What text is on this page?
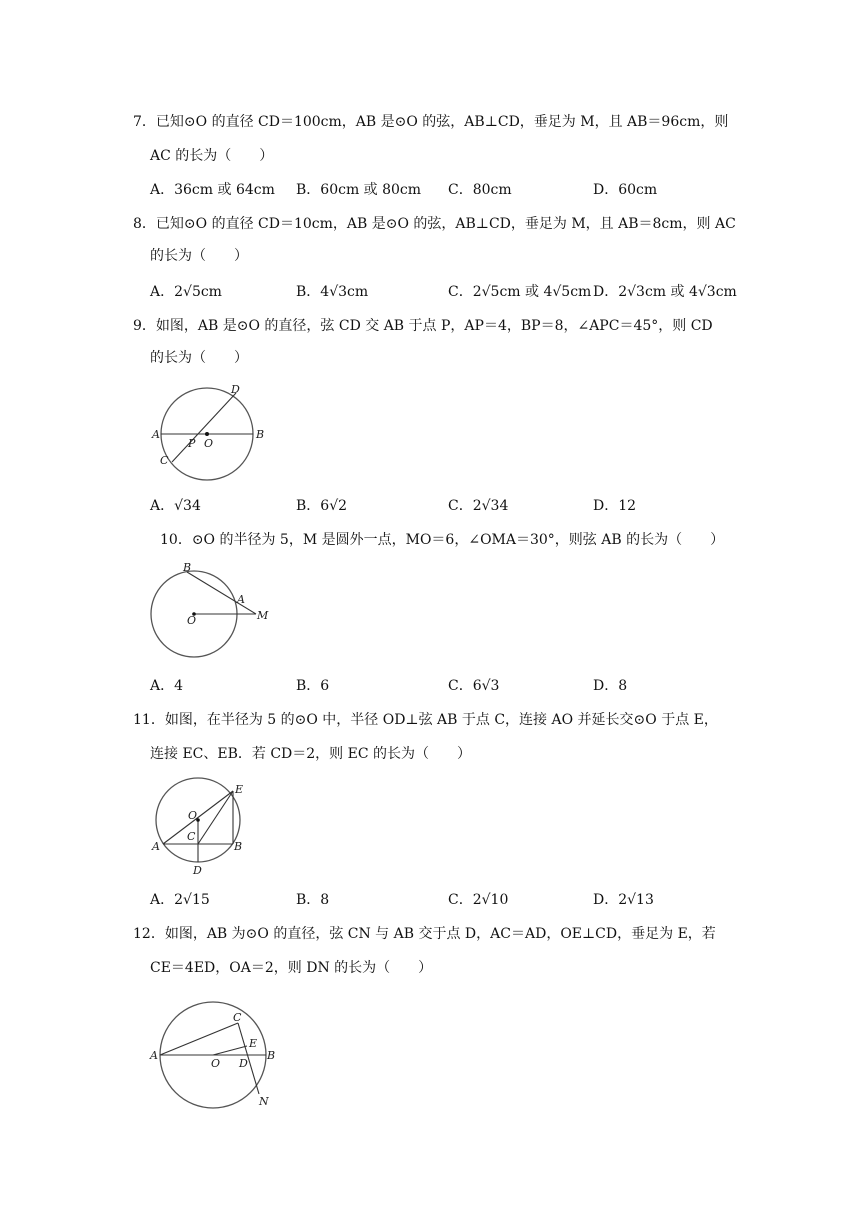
7．已知⊙O 的直径 CD＝100cm，AB 是⊙O 的弦，AB⊥CD，垂足为 M，且 AB＝96cm，则
AC 的长为（　　）
A．36cm 或 64cm B．60cm 或 80cm C．80cm	D．60cm
8．已知⊙O 的直径 CD＝10cm，AB 是⊙O 的弦，AB⊥CD，垂足为 M，且 AB＝8cm，则 AC
的长为（　　）
A．2√5cm	B．4√3cm	C．2√5cm 或 4√5cm D．2√3cm 或 4√3cm
9．如图，AB 是⊙O 的直径，弦 CD 交 AB 于点 P，AP＝4，BP＝8，∠APC＝45°，则 CD
的长为（　　）
A	B
C
D
O
P
A．√34	B．6√2	C．2√34	D．12
10．⊙O 的半径为 5，M 是圆外一点，MO＝6，∠OMA＝30°，则弦 AB 的长为（　　）
B
A
O	M
A．4	B．6	C．6√3	D．8
11．如图，在半径为 5 的⊙O 中，半径 OD⊥弦 AB 于点 C，连接 AO 并延长交⊙O 于点 E，
连接 EC、EB．若 CD＝2，则 EC 的长为（　　）
E
O
C
A	B
D
A．2√15	B．8	C．2√10	D．2√13
12．如图，AB 为⊙O 的直径，弦 CN 与 AB 交于点 D，AC＝AD，OE⊥CD，垂足为 E，若
CE＝4ED，OA＝2，则 DN 的长为（　　）
C
A	B
E
O D
N
